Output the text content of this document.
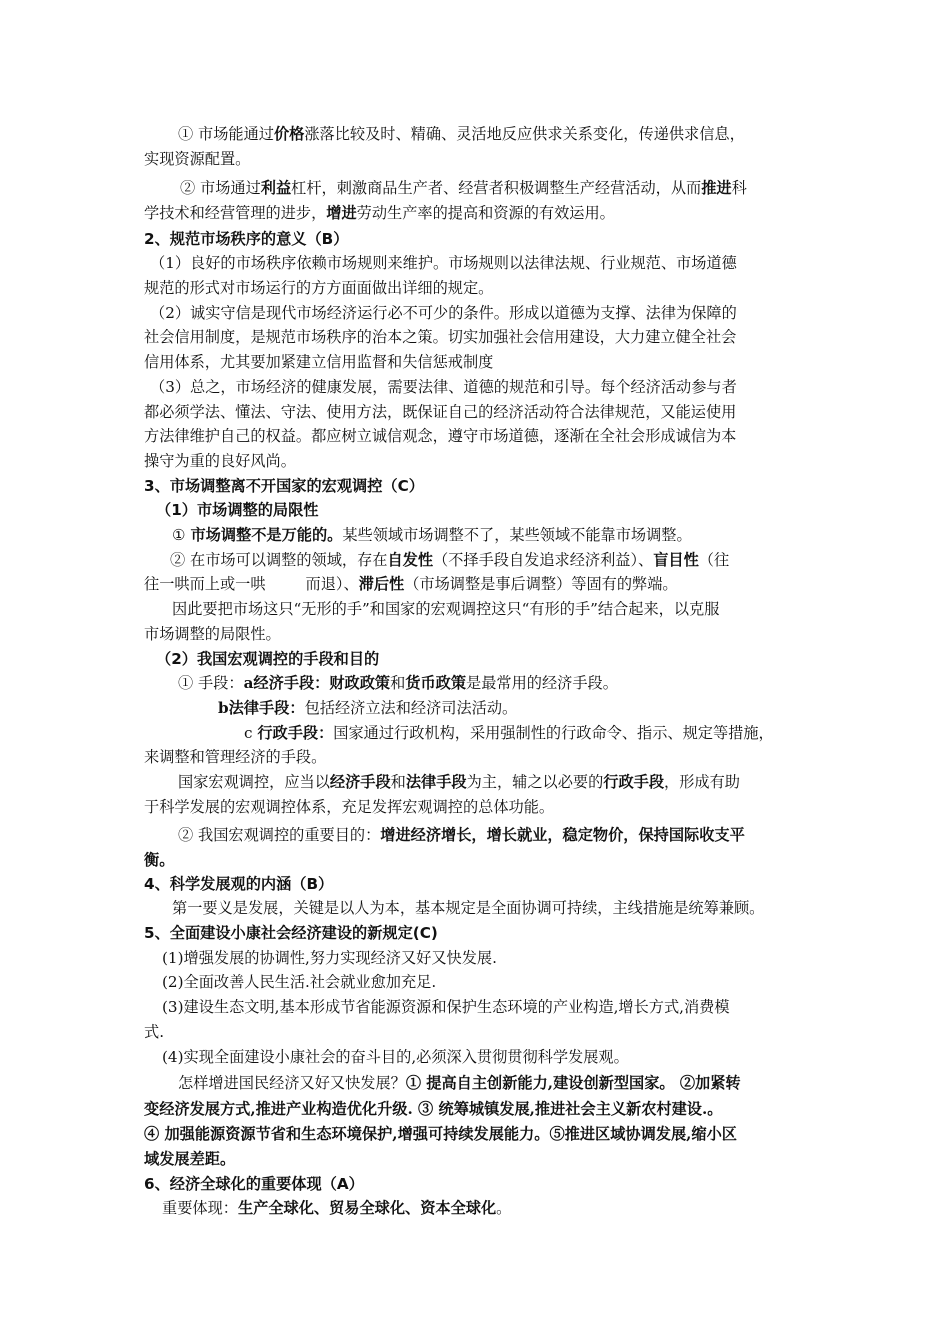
① 市场能通过价格涨落比较及时、精确、灵活地反应供求关系变化，传递供求信息，
实现资源配置。
② 市场通过利益杠杆，刺激商品生产者、经营者积极调整生产经营活动，从而推进科
学技术和经营管理的进步，增进劳动生产率的提高和资源的有效运用。
2、规范市场秩序的意义（B）
（1）良好的市场秩序依赖市场规则来维护。市场规则以法律法规、行业规范、市场道德
规范的形式对市场运行的方方面面做出详细的规定。
（2）诚实守信是现代市场经济运行必不可少的条件。形成以道德为支撑、法律为保障的
社会信用制度，是规范市场秩序的治本之策。切实加强社会信用建设，大力建立健全社会
信用体系，尤其要加紧建立信用监督和失信惩戒制度
（3）总之，市场经济的健康发展，需要法律、道德的规范和引导。每个经济活动参与者
都必须学法、懂法、守法、使用方法，既保证自己的经济活动符合法律规范，又能运使用
方法律维护自己的权益。都应树立诚信观念，遵守市场道德，逐渐在全社会形成诚信为本
操守为重的良好风尚。
3、市场调整离不开国家的宏观调控（C）
（1）市场调整的局限性
① 市场调整不是万能的。某些领域市场调整不了，某些领域不能靠市场调整。
② 在市场可以调整的领域，存在自发性（不择手段自发追求经济利益）、盲目性（往
往一哄而上或一哄	而退）、滞后性（市场调整是事后调整）等固有的弊端。
因此要把市场这只“无形的手”和国家的宏观调控这只“有形的手”结合起来，以克服
市场调整的局限性。
（2）我国宏观调控的手段和目的
① 手段：a经济手段：财政政策和货币政策是最常用的经济手段。
b法律手段：包括经济立法和经济司法活动。
c 行政手段：国家通过行政机构，采用强制性的行政命令、指示、规定等措施，
来调整和管理经济的手段。
国家宏观调控，应当以经济手段和法律手段为主，辅之以必要的行政手段，形成有助
于科学发展的宏观调控体系，充足发挥宏观调控的总体功能。
② 我国宏观调控的重要目的：增进经济增长，增长就业，稳定物价，保持国际收支平
衡。
4、科学发展观的内涵（B）
第一要义是发展，关键是以人为本，基本规定是全面协调可持续，主线措施是统筹兼顾。
5、全面建设小康社会经济建设的新规定(C)
(1)增强发展的协调性,努力实现经济又好又快发展.
(2)全面改善人民生活.社会就业愈加充足.
(3)建设生态文明,基本形成节省能源资源和保护生态环境的产业构造,增长方式,消费模
式.
(4)实现全面建设小康社会的奋斗目的,必须深入贯彻贯彻科学发展观。
怎样增进国民经济又好又快发展？① 提高自主创新能力,建设创新型国家。 ②加紧转
变经济发展方式,推进产业构造优化升级. ③ 统筹城镇发展,推进社会主义新农村建设.。
④ 加强能源资源节省和生态环境保护,增强可持续发展能力。⑤推进区域协调发展,缩小区
域发展差距。
6、经济全球化的重要体现（A）
重要体现：生产全球化、贸易全球化、资本全球化。
